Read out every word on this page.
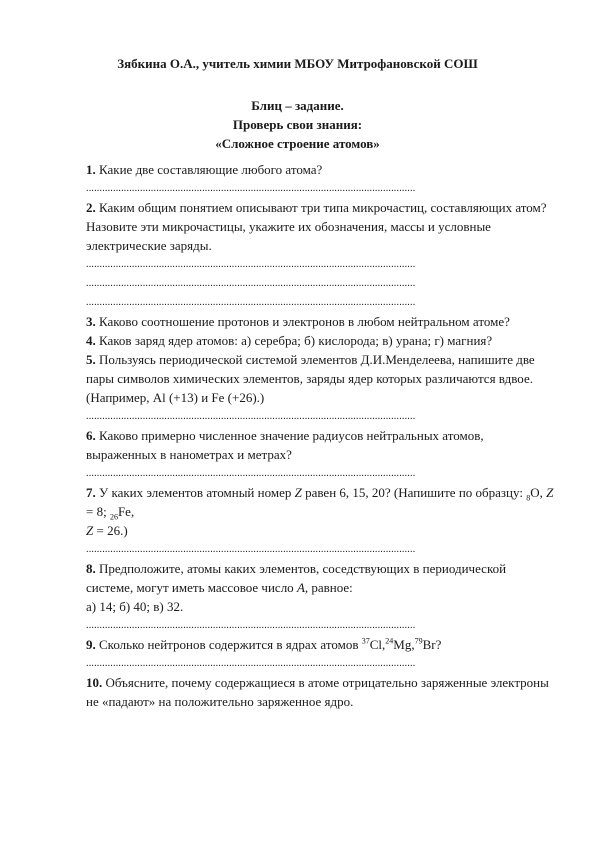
Зябкина О.А., учитель химии МБОУ Митрофановской СОШ
Блиц – задание.
Проверь свои знания:
«Сложное строение атомов»

1. Какие две составляющие любого атома?

.....

2. Каким общим понятием описывают три типа микрочастиц, составляющих атом? Назовите эти микрочастицы, укажите их обозначения, массы и условные электрические заряды.

.....
.....
.....

3. Каково соотношение протонов и электронов в любом нейтральном атоме?

4. Каков заряд ядер атомов: а) серебра; б) кислорода; в) урана; г) магния?

5. Пользуясь периодической системой элементов Д.И.Менделеева, напишите две пары символов химических элементов, заряды ядер которых различаются вдвое. (Например, Al (+13) и Fe (+26).)

.....

6. Каково примерно численное значение радиусов нейтральных атомов, выраженных в нанометрах и метрах?

.....

7. У каких элементов атомный номер Z равен 6, 15, 20? (Напишите по образцу: $_8$O, Z = 8; $_{26}$Fe,
Z = 26.)

.....

8. Предположите, атомы каких элементов, соседствующих в периодической системе, могут иметь массовое число A, равное:
а) 14; б) 40; в) 32.

.....

9. Сколько нейтронов содержится в ядрах атомов $^{37}$Cl,$^{24}$Mg,$^{79}$Br?

.....

10. Объясните, почему содержащиеся в атоме отрицательно заряженные электроны не «падают» на положительно заряженное ядро.
